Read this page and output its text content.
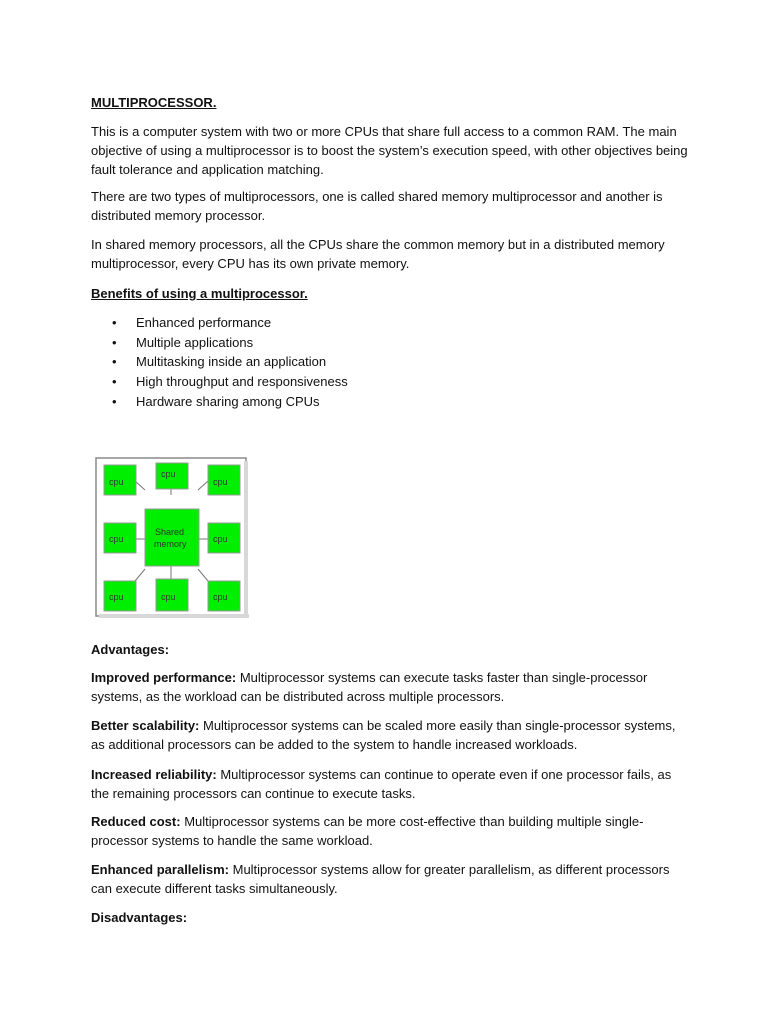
MULTIPROCESSOR.

This is a computer system with two or more CPUs that share full access to a common RAM. The main objective of using a multiprocessor is to boost the system’s execution speed, with other objectives being fault tolerance and application matching.

There are two types of multiprocessors, one is called shared memory multiprocessor and another is distributed memory processor.

In shared memory processors, all the CPUs share the common memory but in a distributed memory multiprocessor, every CPU has its own private memory.

Benefits of using a multiprocessor.

• Enhanced performance
• Multiple applications
• Multitasking inside an application
• High throughput and responsiveness
• Hardware sharing among CPUs
cpu
cpu
cpu
cpu
Shared
memory	cpu
cpu	cpu	cpu

Advantages:

Improved performance: Multiprocessor systems can execute tasks faster than single-processor systems, as the workload can be distributed across multiple processors.

Better scalability: Multiprocessor systems can be scaled more easily than single-processor systems, as additional processors can be added to the system to handle increased workloads.

Increased reliability: Multiprocessor systems can continue to operate even if one processor fails, as the remaining processors can continue to execute tasks.

Reduced cost: Multiprocessor systems can be more cost-effective than building multiple single-processor systems to handle the same workload.

Enhanced parallelism: Multiprocessor systems allow for greater parallelism, as different processors can execute different tasks simultaneously.

Disadvantages:
